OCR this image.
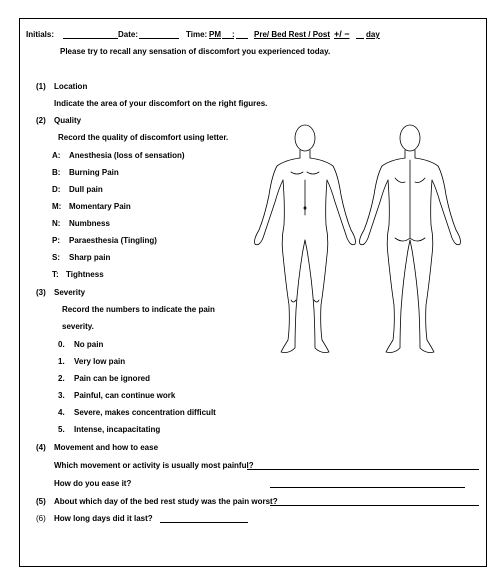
Initials:	Date:	Time: PM : Pre/ Bed Rest / Post +/ − day
Please try to recall any sensation of discomfort you experienced today.
(1) Location
Indicate the area of your discomfort on the right figures.
(2) Quality
Record the quality of discomfort using letter.
A: Anesthesia (loss of sensation)
B: Burning Pain
D: Dull pain
M: Momentary Pain
N: Numbness
P: Paraesthesia (Tingling)
S: Sharp pain
T: Tightness
(3) Severity
Record the numbers to indicate the pain
severity.
0. No pain
1. Very low pain
2. Pain can be ignored
3. Painful, can continue work
4. Severe, makes concentration difficult
5. Intense, incapacitating
(4) Movement and how to ease
Which movement or activity is usually most painful?
How do you ease it?
(5) About which day of the bed rest study was the pain worst?
(6) How long days did it last?
